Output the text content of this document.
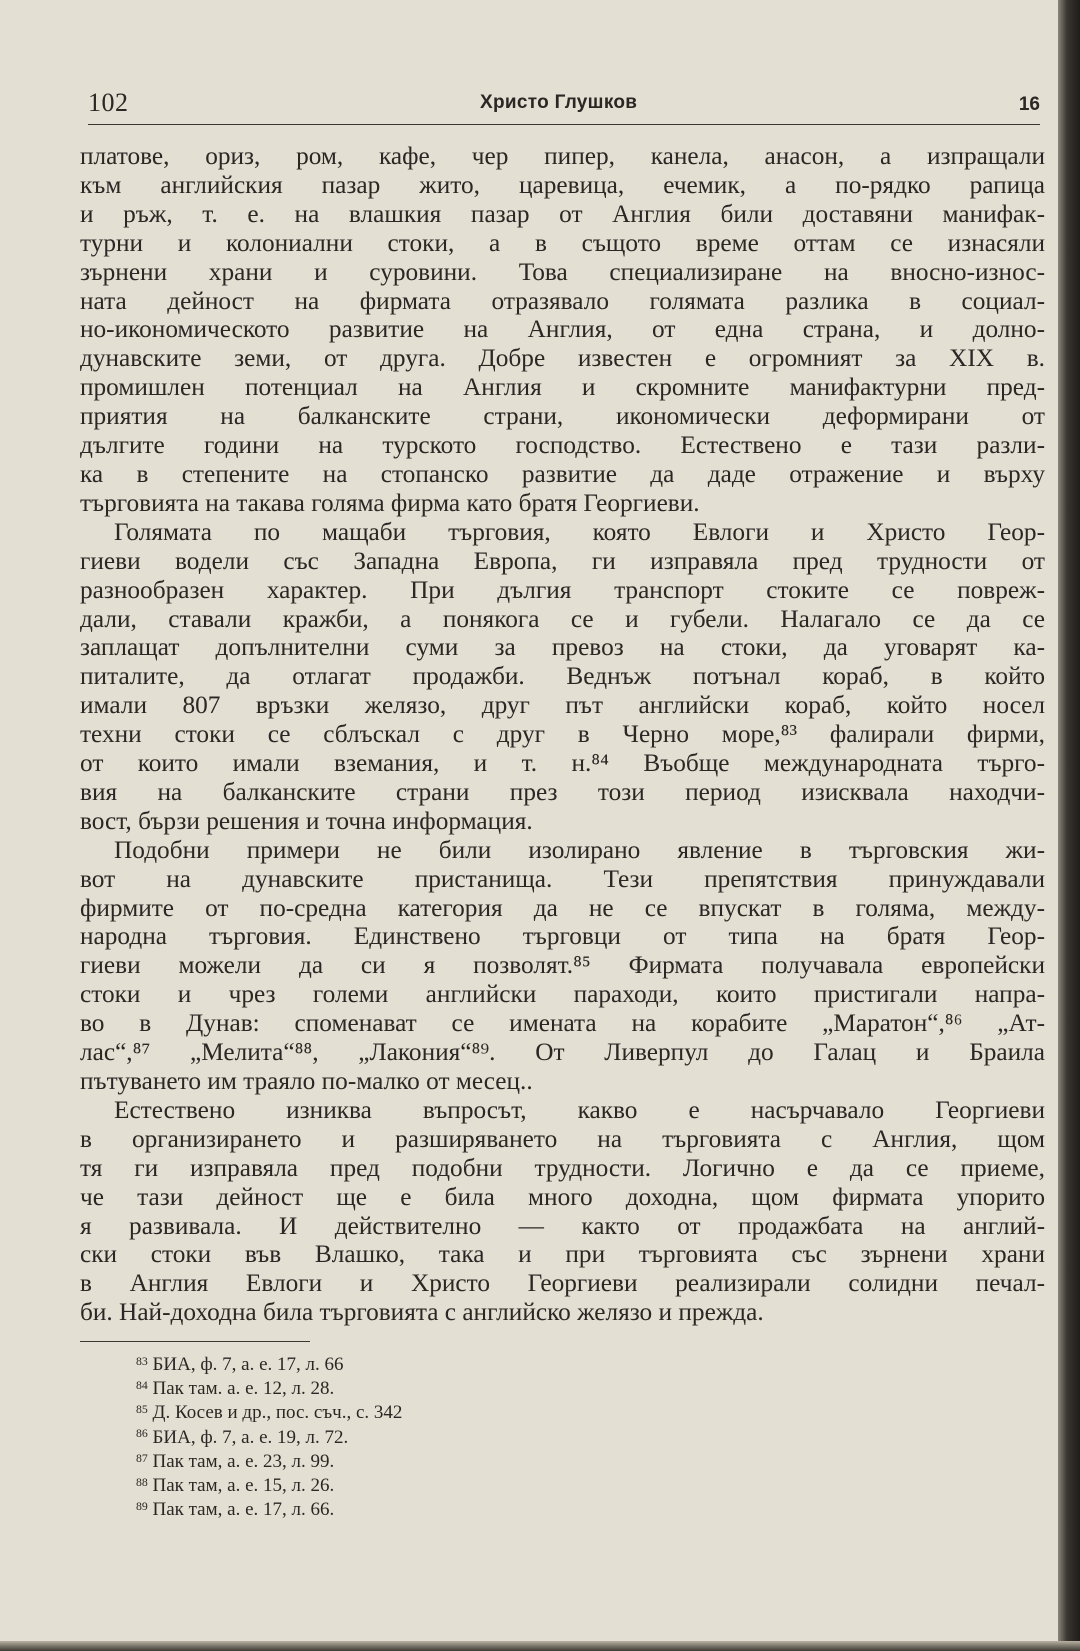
102	Христо Глушков	16

платове, ориз, ром, кафе, чер пипер, канела, анасон, а изпращали
към английския пазар жито, царевица, ечемик, а по-рядко рапица
и ръж, т. е. на влашкия пазар от Англия били доставяни манифак-
турни и колониални стоки, а в същото време оттам се изнасяли
зърнени храни и суровини. Това специализиране на вносно-износ-
ната дейност на фирмата отразявало голямата разлика в социал-
но-икономическото развитие на Англия, от една страна, и долно-
дунавските земи, от друга. Добре известен е огромният за XIX в.
промишлен потенциал на Англия и скромните манифактурни пред-
приятия на балканските страни, икономически деформирани от
дългите години на турското господство. Естествено е тази разли-
ка в степените на стопанско развитие да даде отражение и върху
търговията на такава голяма фирма като братя Георгиеви.

Голямата по мащаби търговия, която Евлоги и Христо Геор-
гиеви водели със Западна Европа, ги изправяла пред трудности от
разнообразен характер. При дългия транспорт стоките се повреж-
дали, ставали кражби, а понякога се и губели. Налагало се да се
заплащат допълнителни суми за превоз на стоки, да уговарят ка-
питалите, да отлагат продажби. Веднъж потънал кораб, в който
имали 807 връзки желязо, друг път английски кораб, който носел
техни стоки се сблъскал с друг в Черно море,⁸³ фалирали фирми,
от които имали вземания, и т. н.⁸⁴ Въобще международната търго-
вия на балканските страни през този период изисквала находчи-
вост, бързи решения и точна информация.

Подобни примери не били изолирано явление в търговския жи-
вот на дунавските пристанища. Тези препятствия принуждавали
фирмите от по-средна категория да не се впускат в голяма, между-
народна търговия. Единствено търговци от типа на братя Геор-
гиеви можели да си я позволят.⁸⁵ Фирмата получавала европейски
стоки и чрез големи английски параходи, които пристигали напра-
во в Дунав: споменават се имената на корабите „Маратон“,⁸⁶ „Ат-
лас“,⁸⁷ „Мелита“⁸⁸, „Лакония“⁸⁹. От Ливерпул до Галац и Браила
пътуването им траяло по-малко от месец..

Естествено изниква въпросът, какво е насърчавало Георгиеви
в организирането и разширяването на търговията с Англия, щом
тя ги изправяла пред подобни трудности. Логично е да се приеме,
че тази дейност ще е била много доходна, щом фирмата упорито
я развивала. И действително — както от продажбата на англий-
ски стоки във Влашко, така и при търговията със зърнени храни
в Англия Евлоги и Христо Георгиеви реализирали солидни печал-
би. Най-доходна била търговията с английско желязо и прежда.

$^{83}$ БИА, ф. 7, а. е. 17, л. 66
$^{84}$ Пак там. а. е. 12, л. 28.
$^{85}$ Д. Косев и др., пос. съч., с. 342
$^{86}$ БИА, ф. 7, а. е. 19, л. 72.
$^{87}$ Пак там, а. е. 23, л. 99.
$^{88}$ Пак там, а. е. 15, л. 26.
$^{89}$ Пак там, а. е. 17, л. 66.
